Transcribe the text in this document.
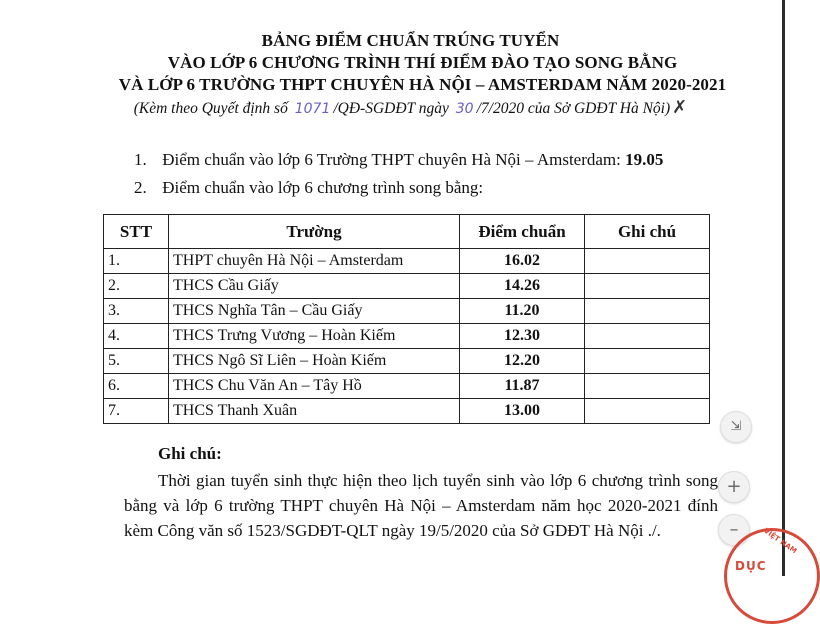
BẢNG ĐIỂM CHUẨN TRÚNG TUYỂN
VÀO LỚP 6 CHƯƠNG TRÌNH THÍ ĐIỂM ĐÀO TẠO SONG BẰNG
VÀ LỚP 6 TRƯỜNG THPT CHUYÊN HÀ NỘI – AMSTERDAM NĂM 2020-2021
(Kèm theo Quyết định số 1071 /QĐ-SGDĐT ngày 30 /7/2020 của Sở GDĐT Hà Nội) ✗
1. Điểm chuẩn vào lớp 6 Trường THPT chuyên Hà Nội – Amsterdam: 19.05
2. Điểm chuẩn vào lớp 6 chương trình song bằng:
STT	Trường	Điểm chuẩn	Ghi chú
1.	THPT chuyên Hà Nội – Amsterdam	16.02	
2.	THCS Cầu Giấy	14.26	
3.	THCS Nghĩa Tân – Cầu Giấy	11.20	
4.	THCS Trưng Vương – Hoàn Kiếm	12.30	
5.	THCS Ngô Sĩ Liên – Hoàn Kiếm	12.20	
6.	THCS Chu Văn An – Tây Hồ	11.87	
7.	THCS Thanh Xuân	13.00	
Ghi chú:
Thời gian tuyển sinh thực hiện theo lịch tuyển sinh vào lớp 6 chương trình song bằng và lớp 6 trường THPT chuyên Hà Nội – Amsterdam năm học 2020-2021 đính kèm Công văn số 1523/SGDĐT-QLT ngày 19/5/2020 của Sở GDĐT Hà Nội ./.
⇲
+
–	VIỆT NAM
DỤC
